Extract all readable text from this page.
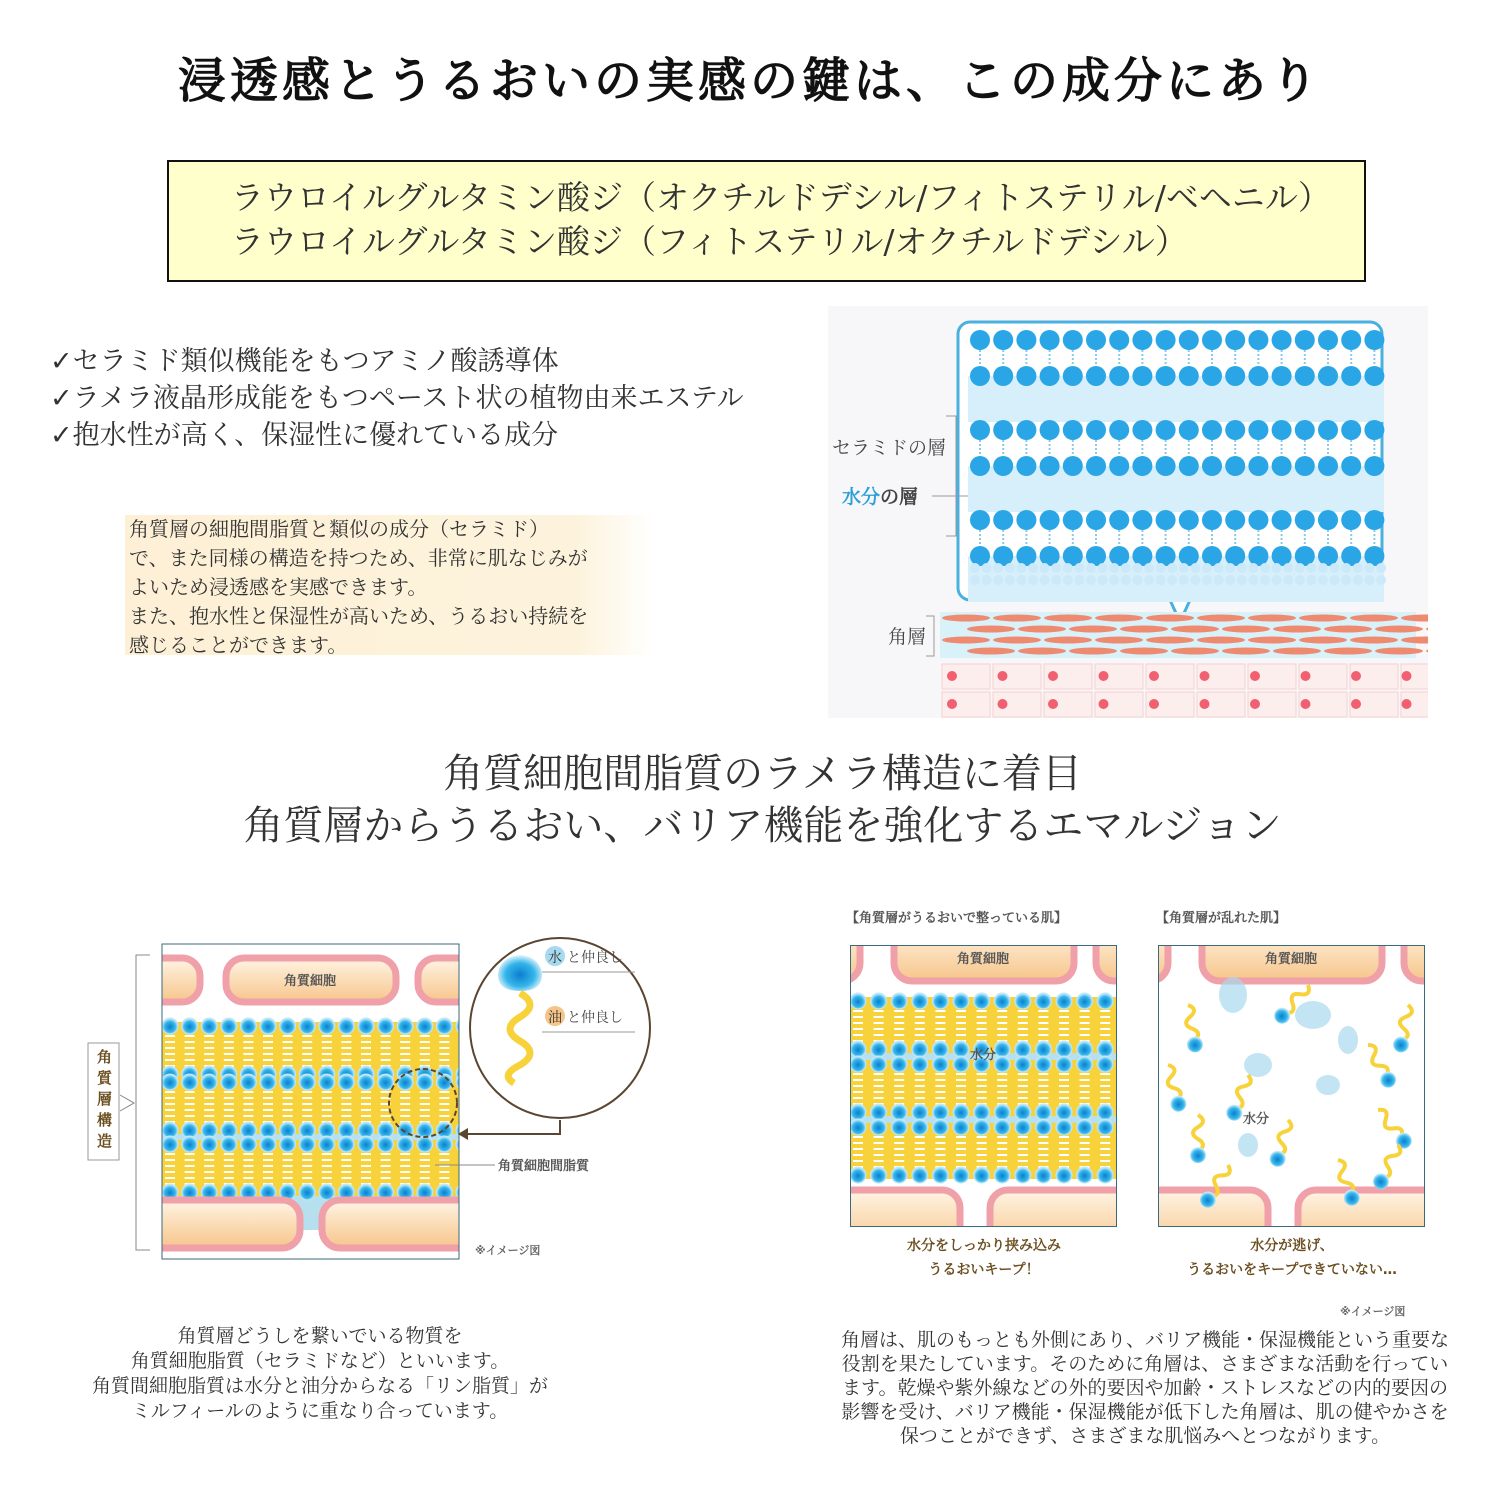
浸透感とうるおいの実感の鍵は、この成分にあり
ラウロイルグルタミン酸ジ（オクチルドデシル/フィトステリル/ベヘニル）
ラウロイルグルタミン酸ジ（フィトステリル/オクチルドデシル）
✓セラミド類似機能をもつアミノ酸誘導体
✓ラメラ液晶形成能をもつペースト状の植物由来エステル
✓抱水性が高く、保湿性に優れている成分
角質層の細胞間脂質と類似の成分（セラミド）
で、また同様の構造を持つため、非常に肌なじみが
よいため浸透感を実感できます。
また、抱水性と保湿性が高いため、うるおい持続を
感じることができます。
セラミドの層
水分の層
角層
角質細胞間脂質のラメラ構造に着目
角質層からうるおい、バリア機能を強化するエマルジョン
水 と仲良し
油 と仲良し
角質細胞間脂質
※イメージ図
角質細胞
角質層構造
角質層どうしを繋いでいる物質を
角質細胞脂質（セラミドなど）といいます。
角質間細胞脂質は水分と油分からなる「リン脂質」が
ミルフィールのように重なり合っています。
【角質層がうるおいで整っている肌】	【角質層が乱れた肌】
角質細胞
水分
角質細胞
水分
水分をしっかり挟み込み
うるおいキープ！
水分が逃げ、
うるおいをキープできていない…
※イメージ図
角層は、肌のもっとも外側にあり、バリア機能・保湿機能という重要な
役割を果たしています。そのために角層は、さまざまな活動を行ってい
ます。乾燥や紫外線などの外的要因や加齢・ストレスなどの内的要因の
影響を受け、バリア機能・保湿機能が低下した角層は、肌の健やかさを
保つことができず、さまざまな肌悩みへとつながります。
